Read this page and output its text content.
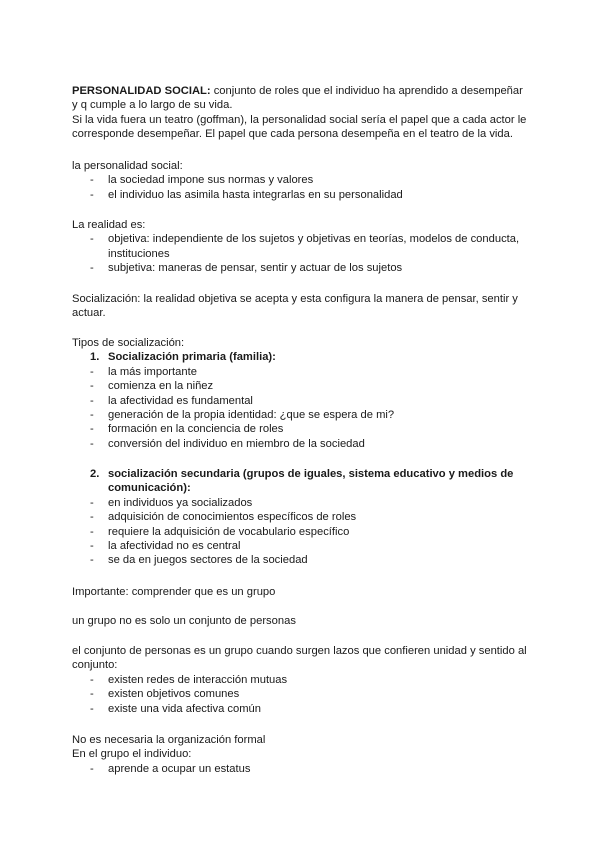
PERSONALIDAD SOCIAL: conjunto de roles que el individuo ha aprendido a desempeñar

y q cumple a lo largo de su vida.

Si la vida fuera un teatro (goffman), la personalidad social sería el papel que a cada actor le

corresponde desempeñar. El papel que cada persona desempeña en el teatro de la vida.

la personalidad social:

- la sociedad impone sus normas y valores
- el individuo las asimila hasta integrarlas en su personalidad

La realidad es:

- objetiva: independiente de los sujetos y objetivas en teorías, modelos de conducta,
instituciones
- subjetiva: maneras de pensar, sentir y actuar de los sujetos

Socialización: la realidad objetiva se acepta y esta configura la manera de pensar, sentir y

actuar.

Tipos de socialización:

1. Socialización primaria (familia):
- la más importante
- comienza en la niñez
- la afectividad es fundamental
- generación de la propia identidad: ¿que se espera de mi?
- formación en la conciencia de roles
- conversión del individuo en miembro de la sociedad
2. socialización secundaria (grupos de iguales, sistema educativo y medios de
comunicación):
- en individuos ya socializados
- adquisición de conocimientos específicos de roles
- requiere la adquisición de vocabulario específico
- la afectividad no es central
- se da en juegos sectores de la sociedad

Importante: comprender que es un grupo

un grupo no es solo un conjunto de personas

el conjunto de personas es un grupo cuando surgen lazos que confieren unidad y sentido al

conjunto:

- existen redes de interacción mutuas
- existen objetivos comunes
- existe una vida afectiva común

No es necesaria la organización formal

En el grupo el individuo:

- aprende a ocupar un estatus
